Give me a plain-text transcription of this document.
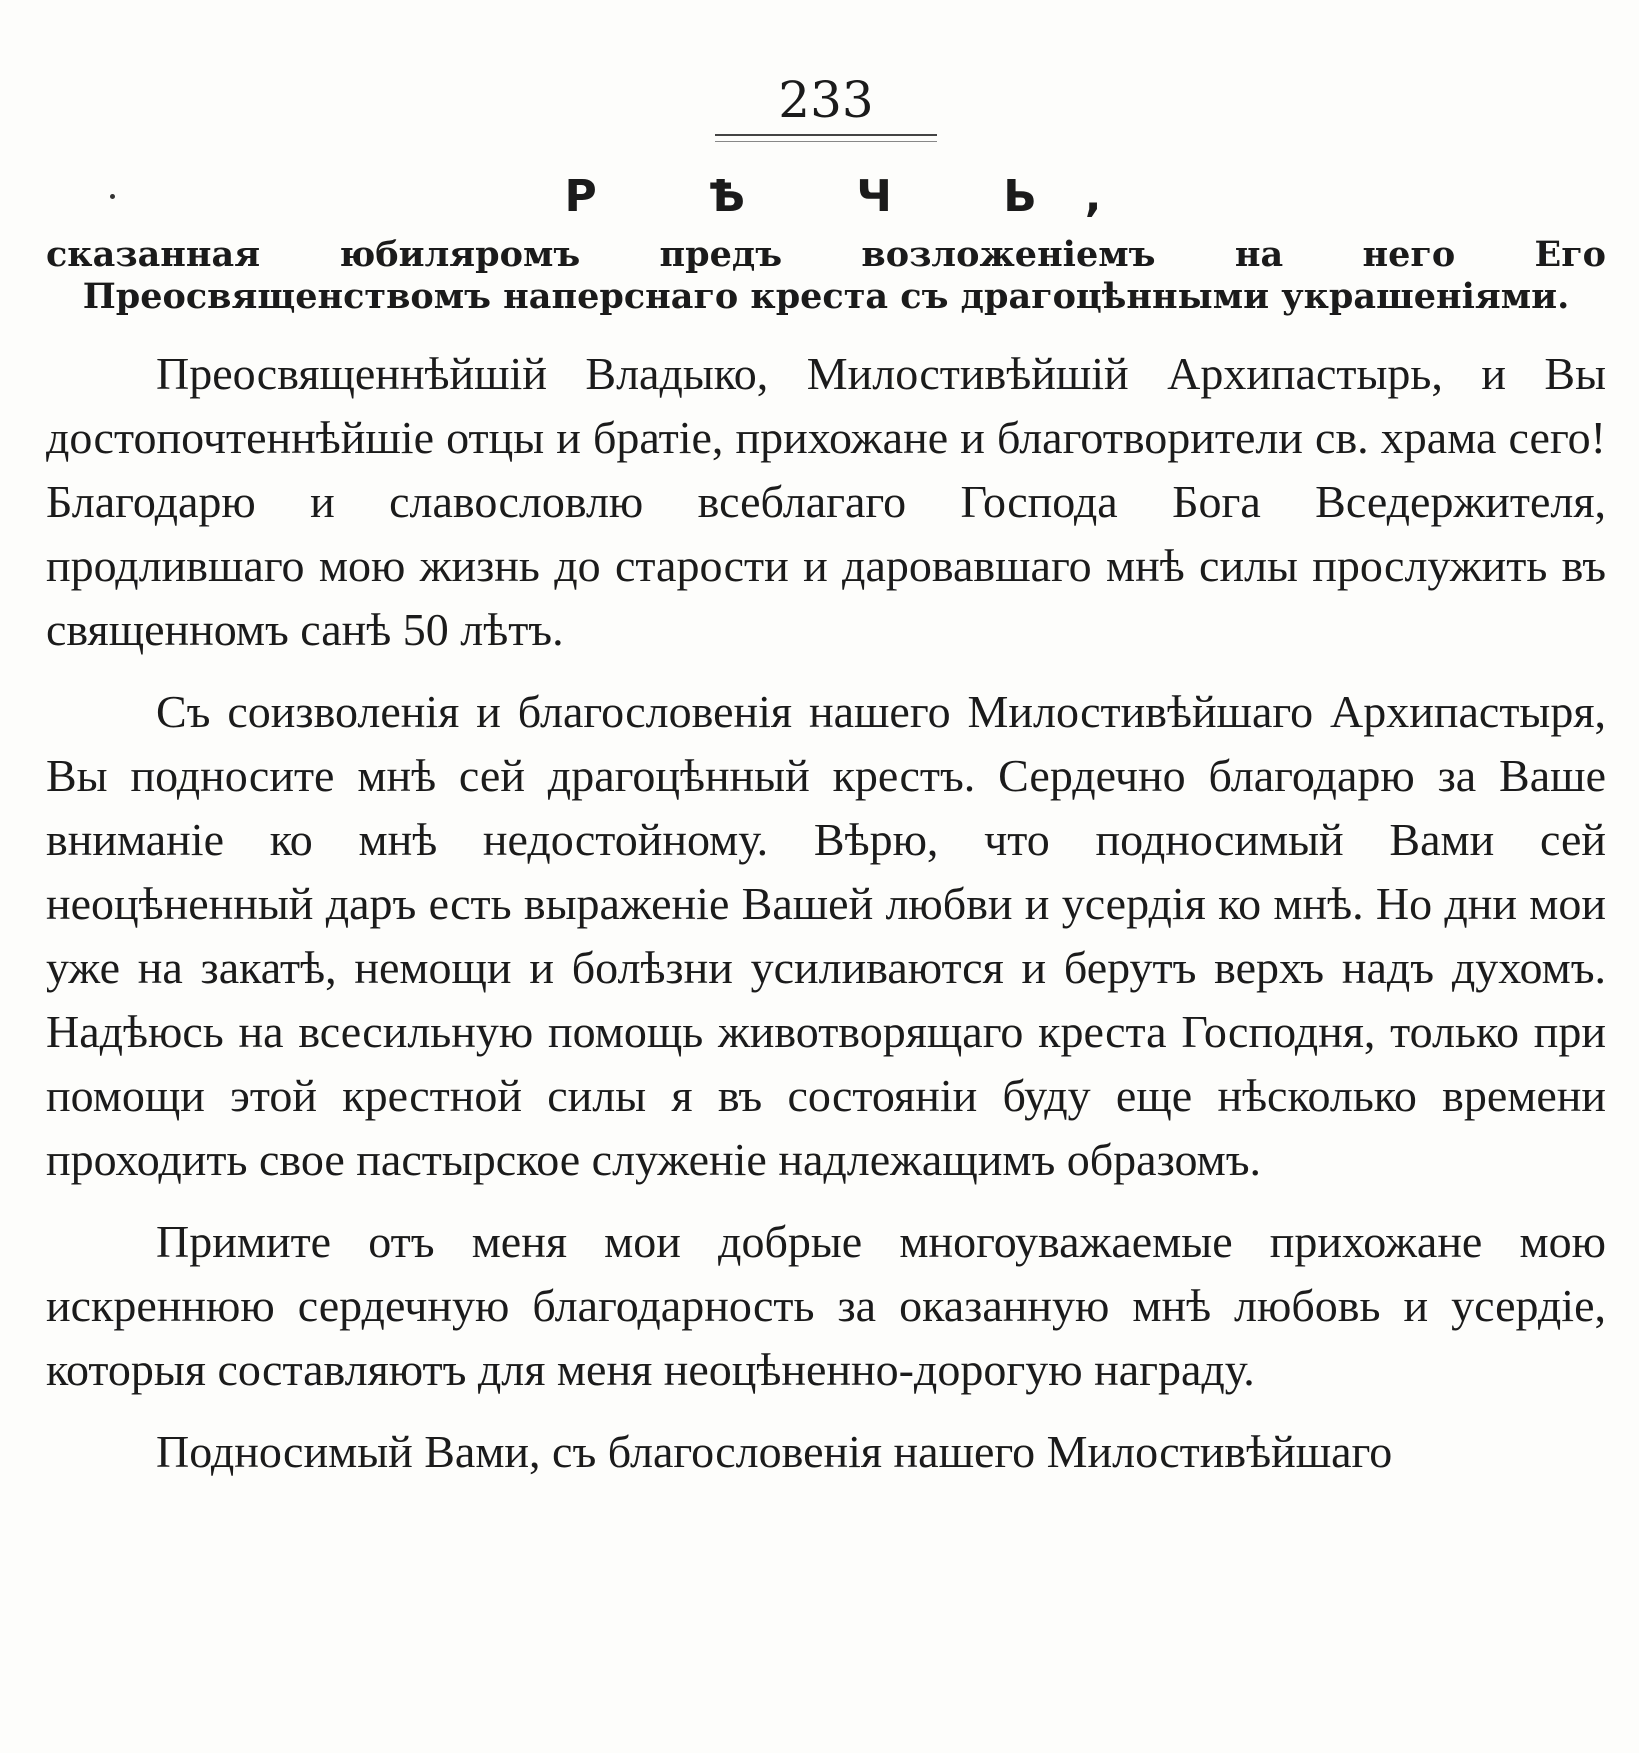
233
Р Ѣ Ч Ь,
сказанная юбиляромъ предъ возложеніемъ на него Его Преосвященствомъ наперснаго креста съ драгоцѣнными украшеніями.

Преосвященнѣйшій Владыко, Милостивѣйшій Архипастырь, и Вы достопочтеннѣйшіе отцы и братіе, прихожане и благотворители св. храма сего! Благодарю и славословлю всеблагаго Господа Бога Вседержителя, продлившаго мою жизнь до старости и даровавшаго мнѣ силы прослужить въ священномъ санѣ 50 лѣтъ.

Съ соизволенія и благословенія нашего Милостивѣйшаго Архипастыря, Вы подносите мнѣ сей драгоцѣнный крестъ. Сердечно благодарю за Ваше вниманіе ко мнѣ недостойному. Вѣрю, что подносимый Вами сей неоцѣненный даръ есть выраженіе Вашей любви и усердія ко мнѣ. Но дни мои уже на закатѣ, немощи и болѣзни усиливаются и берутъ верхъ надъ духомъ. Надѣюсь на всесильную помощь животворящаго креста Господня, только при помощи этой крестной силы я въ состояніи буду еще нѣсколько времени проходить свое пастырское служеніе надлежащимъ образомъ.

Примите отъ меня мои добрые многоуважаемые прихожане мою искреннюю сердечную благодарность за оказанную мнѣ любовь и усердіе, которыя составляютъ для меня неоцѣненно-дорогую награду.

Подносимый Вами, съ благословенія нашего Милостивѣйшаго
